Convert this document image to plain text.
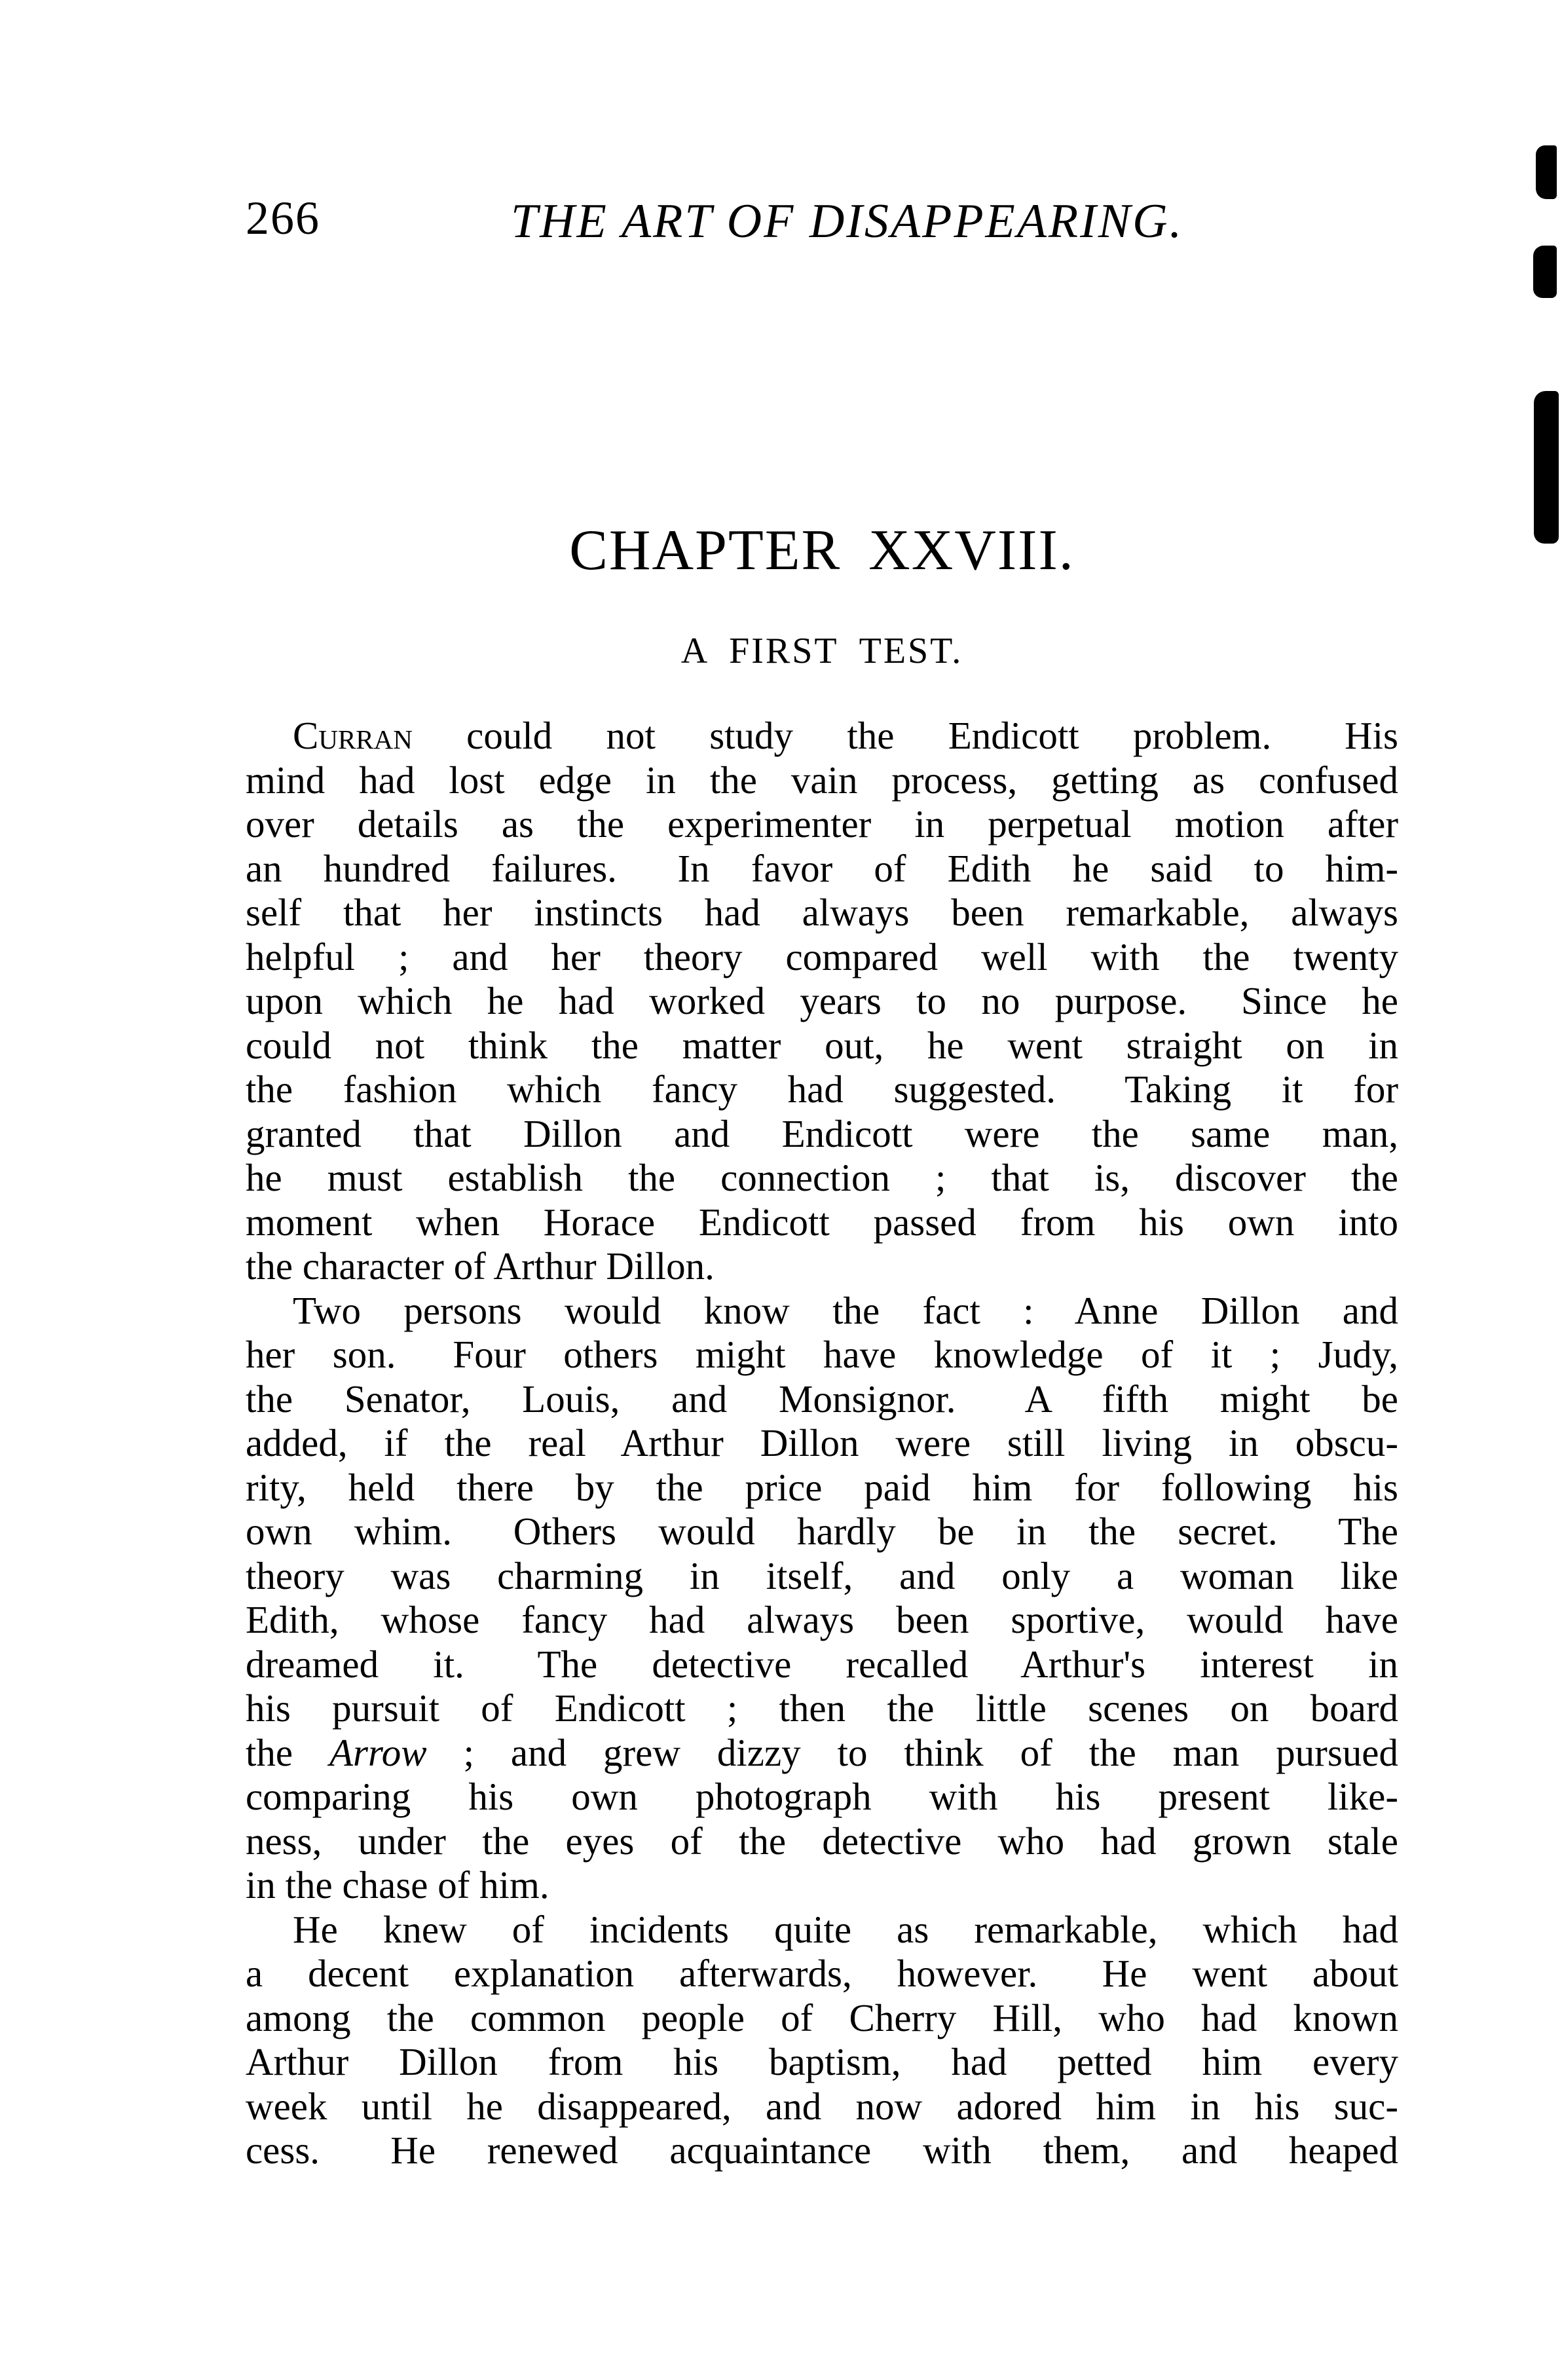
266	THE ART OF DISAPPEARING.
CHAPTER XXVIII.
A FIRST TEST.
Curran could not study the Endicott problem.  His
mind had lost edge in the vain process, getting as confused
over details as the experimenter in perpetual motion after
an hundred failures.  In favor of Edith he said to him-
self that her instincts had always been remarkable, always
helpful ; and her theory compared well with the twenty
upon which he had worked years to no purpose.  Since he
could not think the matter out, he went straight on in
the fashion which fancy had suggested.  Taking it for
granted that Dillon and Endicott were the same man,
he must establish the connection ; that is, discover the
moment when Horace Endicott passed from his own into
the character of Arthur Dillon.
Two persons would know the fact : Anne Dillon and
her son.  Four others might have knowledge of it ; Judy,
the Senator, Louis, and Monsignor.  A fifth might be
added, if the real Arthur Dillon were still living in obscu-
rity, held there by the price paid him for following his
own whim.  Others would hardly be in the secret.  The
theory was charming in itself, and only a woman like
Edith, whose fancy had always been sportive, would have
dreamed it.  The detective recalled Arthur's interest in
his pursuit of Endicott ; then the little scenes on board
the Arrow ; and grew dizzy to think of the man pursued
comparing his own photograph with his present like-
ness, under the eyes of the detective who had grown stale
in the chase of him.
He knew of incidents quite as remarkable, which had
a decent explanation afterwards, however.  He went about
among the common people of Cherry Hill, who had known
Arthur Dillon from his baptism, had petted him every
week until he disappeared, and now adored him in his suc-
cess.  He renewed acquaintance with them, and heaped
